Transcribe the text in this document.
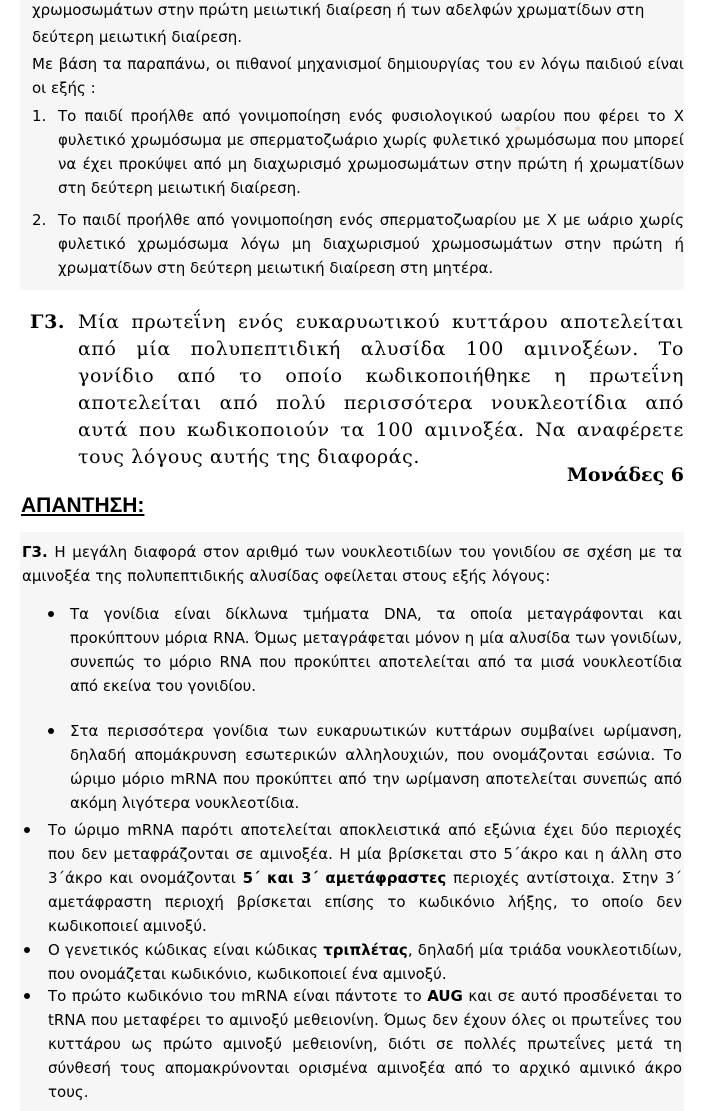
χρωμοσωμάτων στην πρώτη μειωτική διαίρεση ή των αδελφών χρωματίδων στη

δεύτερη μειωτική διαίρεση.

Με βάση τα παραπάνω, οι πιθανοί μηχανισμοί δημιουργίας του εν λόγω παιδιού είναι οι εξής :

1. Το παιδί προήλθε από γονιμοποίηση ενός φυσιολογικού ωαρίου που φέρει το Χ φυλετικό χρωμόσωμα με σπερματοζωάριο χωρίς φυλετικό χρωμόσωμα που μπορεί να έχει προκύψει από μη διαχωρισμό χρωμοσωμάτων στην πρώτη ή χρωματίδων στη δεύτερη μειωτική διαίρεση.
2. Το παιδί προήλθε από γονιμοποίηση ενός σπερματοζωαρίου με Χ με ωάριο χωρίς φυλετικό χρωμόσωμα λόγω μη διαχωρισμού χρωμοσωμάτων στην πρώτη ή χρωματίδων στη δεύτερη μειωτική διαίρεση στη μητέρα.
Γ3. Μία πρωτεΐνη ενός ευκαρυωτικού κυττάρου αποτελείται από μία πολυπεπτιδική αλυσίδα 100 αμινοξέων. Το γονίδιο από το οποίο κωδικοποιήθηκε η πρωτεΐνη αποτελείται από πολύ περισσότερα νουκλεοτίδια από αυτά που κωδικοποιούν τα 100 αμινοξέα. Να αναφέρετε τους λόγους αυτής της διαφοράς.
Μονάδες 6
ΑΠΑΝΤΗΣΗ:
Γ3. Η μεγάλη διαφορά στον αριθμό των νουκλεοτιδίων του γονιδίου σε σχέση με τα αμινοξέα της πολυπεπτιδικής αλυσίδας οφείλεται στους εξής λόγους:
Τα γονίδια είναι δίκλωνα τμήματα DNA, τα οποία μεταγράφονται και προκύπτουν μόρια RNA. Όμως μεταγράφεται μόνον η μία αλυσίδα των γονιδίων, συνεπώς το μόριο RNA που προκύπτει αποτελείται από τα μισά νουκλεοτίδια από εκείνα του γονιδίου.
Στα περισσότερα γονίδια των ευκαρυωτικών κυττάρων συμβαίνει ωρίμανση, δηλαδή απομάκρυνση εσωτερικών αλληλουχιών, που ονομάζονται εσώνια. Το ώριμο μόριο mRNA που προκύπτει από την ωρίμανση αποτελείται συνεπώς από ακόμη λιγότερα νουκλεοτίδια.
Το ώριμο mRNA παρότι αποτελείται αποκλειστικά από εξώνια έχει δύο περιοχές που δεν μεταφράζονται σε αμινοξέα. Η μία βρίσκεται στο 5΄άκρο και η άλλη στο 3΄άκρο και ονομάζονται 5΄ και 3΄ αμετάφραστες περιοχές αντίστοιχα. Στην 3΄ αμετάφραστη περιοχή βρίσκεται επίσης το κωδικόνιο λήξης, το οποίο δεν κωδικοποιεί αμινοξύ.
Ο γενετικός κώδικας είναι κώδικας τριπλέτας, δηλαδή μία τριάδα νουκλεοτιδίων, που ονομάζεται κωδικόνιο, κωδικοποιεί ένα αμινοξύ.
Το πρώτο κωδικόνιο του mRNA είναι πάντοτε το AUG και σε αυτό προσδένεται το tRNA που μεταφέρει το αμινοξύ μεθειονίνη. Όμως δεν έχουν όλες οι πρωτεΐνες του κυττάρου ως πρώτο αμινοξύ μεθειονίνη, διότι σε πολλές πρωτεΐνες μετά τη σύνθεσή τους απομακρύνονται ορισμένα αμινοξέα από το αρχικό αμινικό άκρο τους.
